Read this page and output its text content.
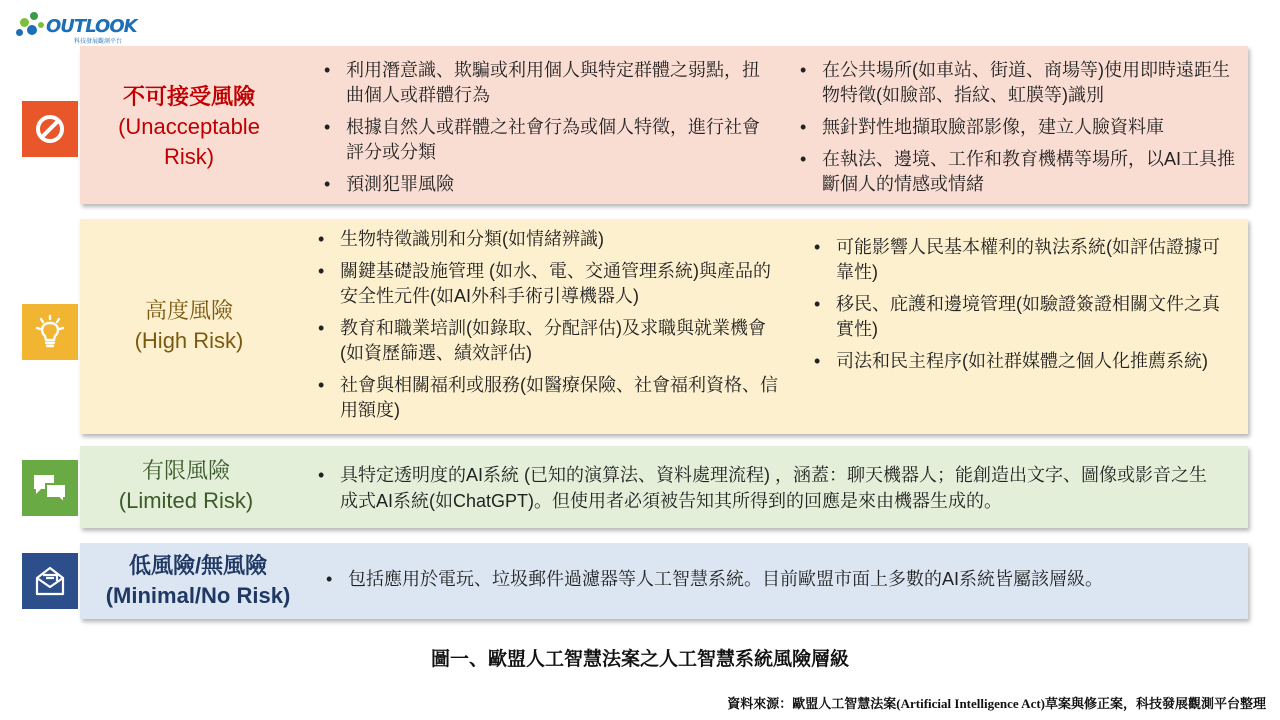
OUTLOOK
科技發展觀測平台
不可接受風險
(Unacceptable Risk)
• 利用潛意識、欺騙或利用個人與特定群體之弱點，扭曲個人或群體行為
• 根據自然人或群體之社會行為或個人特徵，進行社會評分或分類
• 預測犯罪風險
• 在公共場所(如車站、街道、商場等)使用即時遠距生物特徵(如臉部、指紋、虹膜等)識別
• 無針對性地擷取臉部影像，建立人臉資料庫
• 在執法、邊境、工作和教育機構等場所，以AI工具推斷個人的情感或情緒
高度風險
(High Risk)
• 生物特徵識別和分類(如情緒辨識)
• 關鍵基礎設施管理 (如水、電、交通管理系統)與產品的安全性元件(如AI外科手術引導機器人)
• 教育和職業培訓(如錄取、分配評估)及求職與就業機會(如資歷篩選、績效評估)
• 社會與相關福利或服務(如醫療保險、社會福利資格、信用額度)
• 可能影響人民基本權利的執法系統(如評估證據可靠性)
• 移民、庇護和邊境管理(如驗證簽證相關文件之真實性)
• 司法和民主程序(如社群媒體之個人化推薦系統)
有限風險
(Limited Risk)
• 具特定透明度的AI系統 (已知的演算法、資料處理流程) ，涵蓋：聊天機器人；能創造出文字、圖像或影音之生成式AI系統(如ChatGPT)。但使用者必須被告知其所得到的回應是來由機器生成的。
低風險/無風險
(Minimal/No Risk)
• 包括應用於電玩、垃圾郵件過濾器等人工智慧系統。目前歐盟市面上多數的AI系統皆屬該層級。
圖一、歐盟人工智慧法案之人工智慧系統風險層級
資料來源：歐盟人工智慧法案(Artificial Intelligence Act)草案與修正案，科技發展觀測平台整理
